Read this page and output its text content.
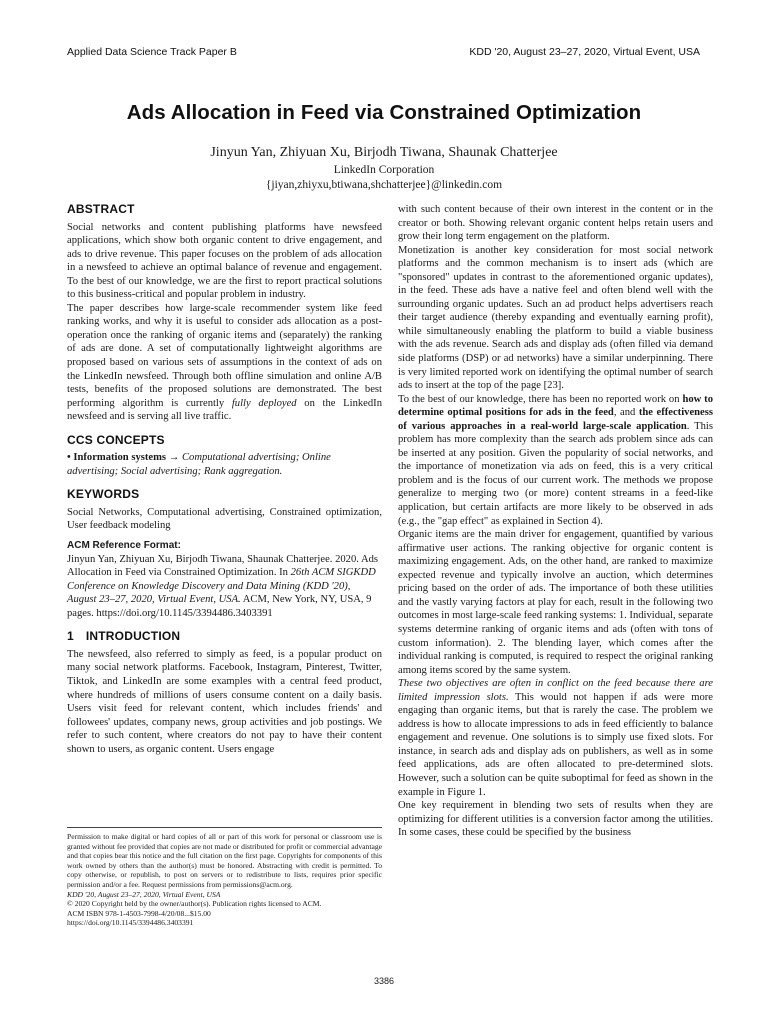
Applied Data Science Track Paper B	KDD '20, August 23–27, 2020, Virtual Event, USA
Ads Allocation in Feed via Constrained Optimization
Jinyun Yan, Zhiyuan Xu, Birjodh Tiwana, Shaunak Chatterjee
LinkedIn Corporation
{jiyan,zhiyxu,btiwana,shchatterjee}@linkedin.com
ABSTRACT

Social networks and content publishing platforms have newsfeed applications, which show both organic content to drive engagement, and ads to drive revenue. This paper focuses on the problem of ads allocation in a newsfeed to achieve an optimal balance of revenue and engagement. To the best of our knowledge, we are the first to report practical solutions to this business-critical and popular problem in industry.

The paper describes how large-scale recommender system like feed ranking works, and why it is useful to consider ads allocation as a post-operation once the ranking of organic items and (separately) the ranking of ads are done. A set of computationally lightweight algorithms are proposed based on various sets of assumptions in the context of ads on the LinkedIn newsfeed. Through both offline simulation and online A/B tests, benefits of the proposed solutions are demonstrated. The best performing algorithm is currently fully deployed on the LinkedIn newsfeed and is serving all live traffic.

CCS CONCEPTS

• Information systems → Computational advertising; Online advertising; Social advertising; Rank aggregation.

KEYWORDS

Social Networks, Computational advertising, Constrained optimization, User feedback modeling

ACM Reference Format:

Jinyun Yan, Zhiyuan Xu, Birjodh Tiwana, Shaunak Chatterjee. 2020. Ads Allocation in Feed via Constrained Optimization. In 26th ACM SIGKDD Conference on Knowledge Discovery and Data Mining (KDD '20), August 23–27, 2020, Virtual Event, USA. ACM, New York, NY, USA, 9 pages. https://doi.org/10.1145/3394486.3403391

1 INTRODUCTION

The newsfeed, also referred to simply as feed, is a popular product on many social network platforms. Facebook, Instagram, Pinterest, Twitter, Tiktok, and LinkedIn are some examples with a central feed product, where hundreds of millions of users consume content on a daily basis. Users visit feed for relevant content, which includes friends' and followees' updates, company news, group activities and job postings. We refer to such content, where creators do not pay to have their content shown to users, as organic content. Users engage

Permission to make digital or hard copies of all or part of this work for personal or classroom use is granted without fee provided that copies are not made or distributed for profit or commercial advantage and that copies bear this notice and the full citation on the first page. Copyrights for components of this work owned by others than the author(s) must be honored. Abstracting with credit is permitted. To copy otherwise, or republish, to post on servers or to redistribute to lists, requires prior specific permission and/or a fee. Request permissions from permissions@acm.org.

KDD '20, August 23–27, 2020, Virtual Event, USA

© 2020 Copyright held by the owner/author(s). Publication rights licensed to ACM.

ACM ISBN 978-1-4503-7998-4/20/08...$15.00

https://doi.org/10.1145/3394486.3403391

with such content because of their own interest in the content or in the creator or both. Showing relevant organic content helps retain users and grow their long term engagement on the platform.

Monetization is another key consideration for most social network platforms and the common mechanism is to insert ads (which are "sponsored" updates in contrast to the aforementioned organic updates), in the feed. These ads have a native feel and often blend well with the surrounding organic updates. Such an ad product helps advertisers reach their target audience (thereby expanding and eventually earning profit), while simultaneously enabling the platform to build a viable business with the ads revenue. Search ads and display ads (often filled via demand side platforms (DSP) or ad networks) have a similar underpinning. There is very limited reported work on identifying the optimal number of search ads to insert at the top of the page [23].

To the best of our knowledge, there has been no reported work on how to determine optimal positions for ads in the feed, and the effectiveness of various approaches in a real-world large-scale application. This problem has more complexity than the search ads problem since ads can be inserted at any position. Given the popularity of social networks, and the importance of monetization via ads on feed, this is a very critical problem and is the focus of our current work. The methods we propose generalize to merging two (or more) content streams in a feed-like application, but certain artifacts are more likely to be observed in ads (e.g., the "gap effect" as explained in Section 4).

Organic items are the main driver for engagement, quantified by various affirmative user actions. The ranking objective for organic content is maximizing engagement. Ads, on the other hand, are ranked to maximize expected revenue and typically involve an auction, which determines pricing based on the order of ads. The importance of both these utilities and the vastly varying factors at play for each, result in the following two outcomes in most large-scale feed ranking systems: 1. Individual, separate systems determine ranking of organic items and ads (often with tons of custom information). 2. The blending layer, which comes after the individual ranking is computed, is required to respect the original ranking among items scored by the same system.

These two objectives are often in conflict on the feed because there are limited impression slots. This would not happen if ads were more engaging than organic items, but that is rarely the case. The problem we address is how to allocate impressions to ads in feed efficiently to balance engagement and revenue. One solutions is to simply use fixed slots. For instance, in search ads and display ads on publishers, as well as in some feed applications, ads are often allocated to pre-determined slots. However, such a solution can be quite suboptimal for feed as shown in the example in Figure 1.

One key requirement in blending two sets of results when they are optimizing for different utilities is a conversion factor among the utilities. In some cases, these could be specified by the business

3386
